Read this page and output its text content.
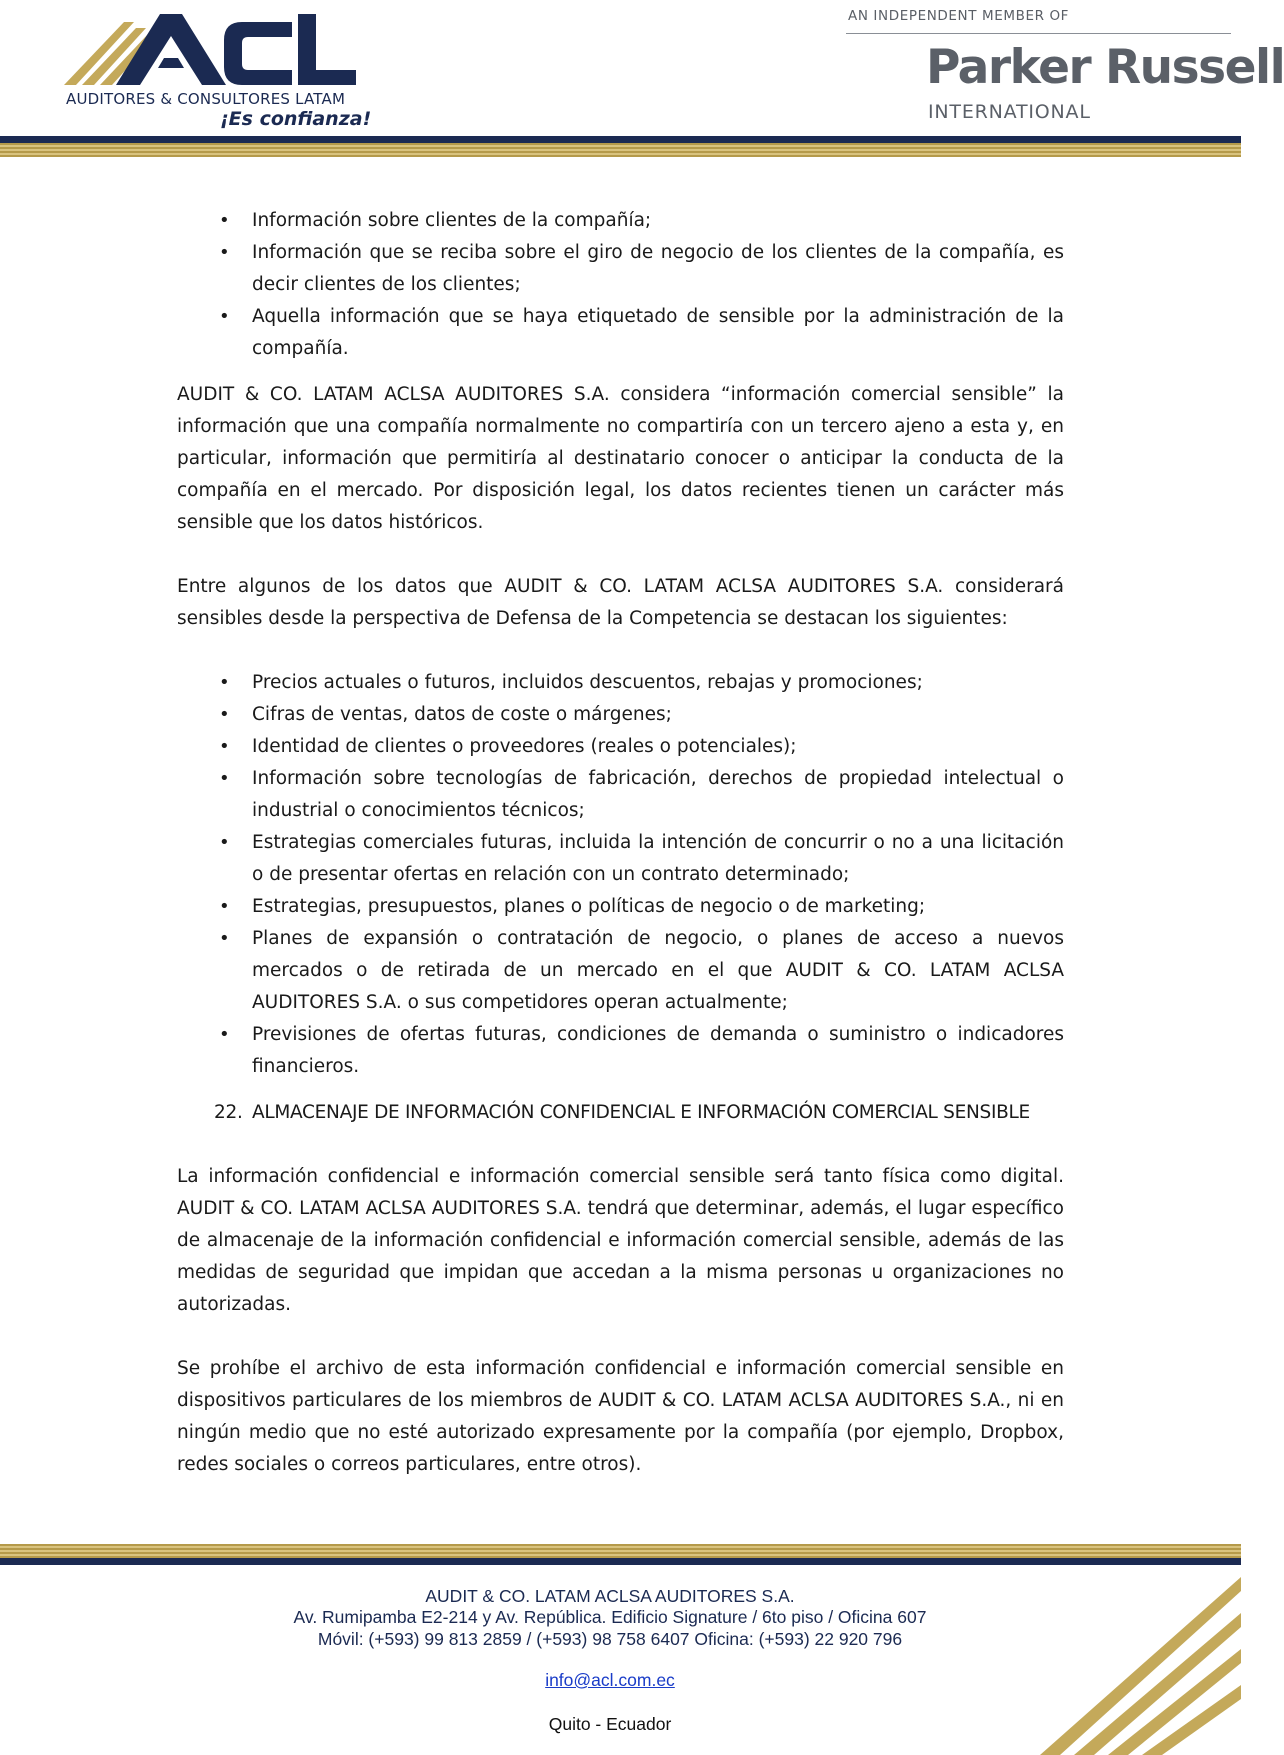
ACL
AUDITORES & CONSULTORES LATAM
¡Es confianza!
AN INDEPENDENT MEMBER OF
Parker Russell
INTERNATIONAL
• Información sobre clientes de la compañía;
• Información que se reciba sobre el giro de negocio de los clientes de la compañía, es decir clientes de los clientes;
• Aquella información que se haya etiquetado de sensible por la administración de la compañía.

AUDIT & CO. LATAM ACLSA AUDITORES S.A. considera “información comercial sensible” la información que una compañía normalmente no compartiría con un tercero ajeno a esta y, en particular, información que permitiría al destinatario conocer o anticipar la conducta de la compañía en el mercado. Por disposición legal, los datos recientes tienen un carácter más sensible que los datos históricos.

Entre algunos de los datos que AUDIT & CO. LATAM ACLSA AUDITORES S.A. considerará sensibles desde la perspectiva de Defensa de la Competencia se destacan los siguientes:

• Precios actuales o futuros, incluidos descuentos, rebajas y promociones;
• Cifras de ventas, datos de coste o márgenes;
• Identidad de clientes o proveedores (reales o potenciales);
• Información sobre tecnologías de fabricación, derechos de propiedad intelectual o industrial o conocimientos técnicos;
• Estrategias comerciales futuras, incluida la intención de concurrir o no a una licitación o de presentar ofertas en relación con un contrato determinado;
• Estrategias, presupuestos, planes o políticas de negocio o de marketing;
• Planes de expansión o contratación de negocio, o planes de acceso a nuevos mercados o de retirada de un mercado en el que AUDIT & CO. LATAM ACLSA AUDITORES S.A. o sus competidores operan actualmente;
• Previsiones de ofertas futuras, condiciones de demanda o suministro o indicadores financieros.
22. ALMACENAJE DE INFORMACIÓN CONFIDENCIAL E INFORMACIÓN COMERCIAL SENSIBLE

La información confidencial e información comercial sensible será tanto física como digital. AUDIT & CO. LATAM ACLSA AUDITORES S.A. tendrá que determinar, además, el lugar específico de almacenaje de la información confidencial e información comercial sensible, además de las medidas de seguridad que impidan que accedan a la misma personas u organizaciones no autorizadas.

Se prohíbe el archivo de esta información confidencial e información comercial sensible en dispositivos particulares de los miembros de AUDIT & CO. LATAM ACLSA AUDITORES S.A., ni en ningún medio que no esté autorizado expresamente por la compañía (por ejemplo, Dropbox, redes sociales o correos particulares, entre otros).

AUDIT & CO. LATAM ACLSA AUDITORES S.A.
Av. Rumipamba E2-214 y Av. República. Edificio Signature / 6to piso / Oficina 607
Móvil: (+593) 99 813 2859 / (+593) 98 758 6407 Oficina: (+593) 22 920 796
info@acl.com.ec
Quito - Ecuador
